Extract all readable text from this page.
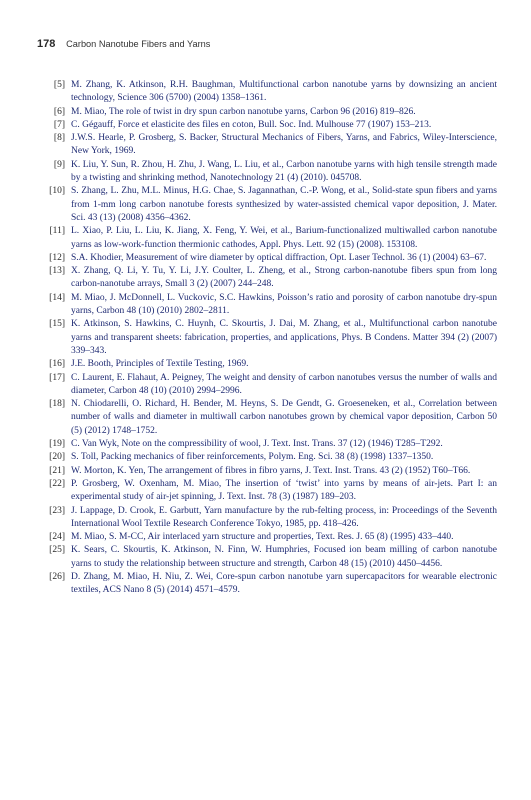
178 Carbon Nanotube Fibers and Yarns
[5] M. Zhang, K. Atkinson, R.H. Baughman, Multifunctional carbon nanotube yarns by downsizing an ancient technology, Science 306 (5700) (2004) 1358–1361.
[6] M. Miao, The role of twist in dry spun carbon nanotube yarns, Carbon 96 (2016) 819–826.
[7] C. Gégauff, Force et elasticite des files en coton, Bull. Soc. Ind. Mulhouse 77 (1907) 153–213.
[8] J.W.S. Hearle, P. Grosberg, S. Backer, Structural Mechanics of Fibers, Yarns, and Fabrics, Wiley-Interscience, New York, 1969.
[9] K. Liu, Y. Sun, R. Zhou, H. Zhu, J. Wang, L. Liu, et al., Carbon nanotube yarns with high tensile strength made by a twisting and shrinking method, Nanotechnology 21 (4) (2010). 045708.
[10] S. Zhang, L. Zhu, M.L. Minus, H.G. Chae, S. Jagannathan, C.-P. Wong, et al., Solid-state spun fibers and yarns from 1-mm long carbon nanotube forests synthesized by water-assisted chemical vapor deposition, J. Mater. Sci. 43 (13) (2008) 4356–4362.
[11] L. Xiao, P. Liu, L. Liu, K. Jiang, X. Feng, Y. Wei, et al., Barium-functionalized multiwalled carbon nanotube yarns as low-work-function thermionic cathodes, Appl. Phys. Lett. 92 (15) (2008). 153108.
[12] S.A. Khodier, Measurement of wire diameter by optical diffraction, Opt. Laser Technol. 36 (1) (2004) 63–67.
[13] X. Zhang, Q. Li, Y. Tu, Y. Li, J.Y. Coulter, L. Zheng, et al., Strong carbon-nanotube fibers spun from long carbon-nanotube arrays, Small 3 (2) (2007) 244–248.
[14] M. Miao, J. McDonnell, L. Vuckovic, S.C. Hawkins, Poisson’s ratio and porosity of carbon nanotube dry-spun yarns, Carbon 48 (10) (2010) 2802–2811.
[15] K. Atkinson, S. Hawkins, C. Huynh, C. Skourtis, J. Dai, M. Zhang, et al., Multifunctional carbon nanotube yarns and transparent sheets: fabrication, properties, and applications, Phys. B Condens. Matter 394 (2) (2007) 339–343.
[16] J.E. Booth, Principles of Textile Testing, 1969.
[17] C. Laurent, E. Flahaut, A. Peigney, The weight and density of carbon nanotubes versus the number of walls and diameter, Carbon 48 (10) (2010) 2994–2996.
[18] N. Chiodarelli, O. Richard, H. Bender, M. Heyns, S. De Gendt, G. Groeseneken, et al., Correlation between number of walls and diameter in multiwall carbon nanotubes grown by chemical vapor deposition, Carbon 50 (5) (2012) 1748–1752.
[19] C. Van Wyk, Note on the compressibility of wool, J. Text. Inst. Trans. 37 (12) (1946) T285–T292.
[20] S. Toll, Packing mechanics of fiber reinforcements, Polym. Eng. Sci. 38 (8) (1998) 1337–1350.
[21] W. Morton, K. Yen, The arrangement of fibres in fibro yarns, J. Text. Inst. Trans. 43 (2) (1952) T60–T66.
[22] P. Grosberg, W. Oxenham, M. Miao, The insertion of ‘twist’ into yarns by means of air-jets. Part I: an experimental study of air-jet spinning, J. Text. Inst. 78 (3) (1987) 189–203.
[23] J. Lappage, D. Crook, E. Garbutt, Yarn manufacture by the rub-felting process, in: Proceedings of the Seventh International Wool Textile Research Conference Tokyo, 1985, pp. 418–426.
[24] M. Miao, S. M-CC, Air interlaced yarn structure and properties, Text. Res. J. 65 (8) (1995) 433–440.
[25] K. Sears, C. Skourtis, K. Atkinson, N. Finn, W. Humphries, Focused ion beam milling of carbon nanotube yarns to study the relationship between structure and strength, Carbon 48 (15) (2010) 4450–4456.
[26] D. Zhang, M. Miao, H. Niu, Z. Wei, Core-spun carbon nanotube yarn supercapacitors for wearable electronic textiles, ACS Nano 8 (5) (2014) 4571–4579.
